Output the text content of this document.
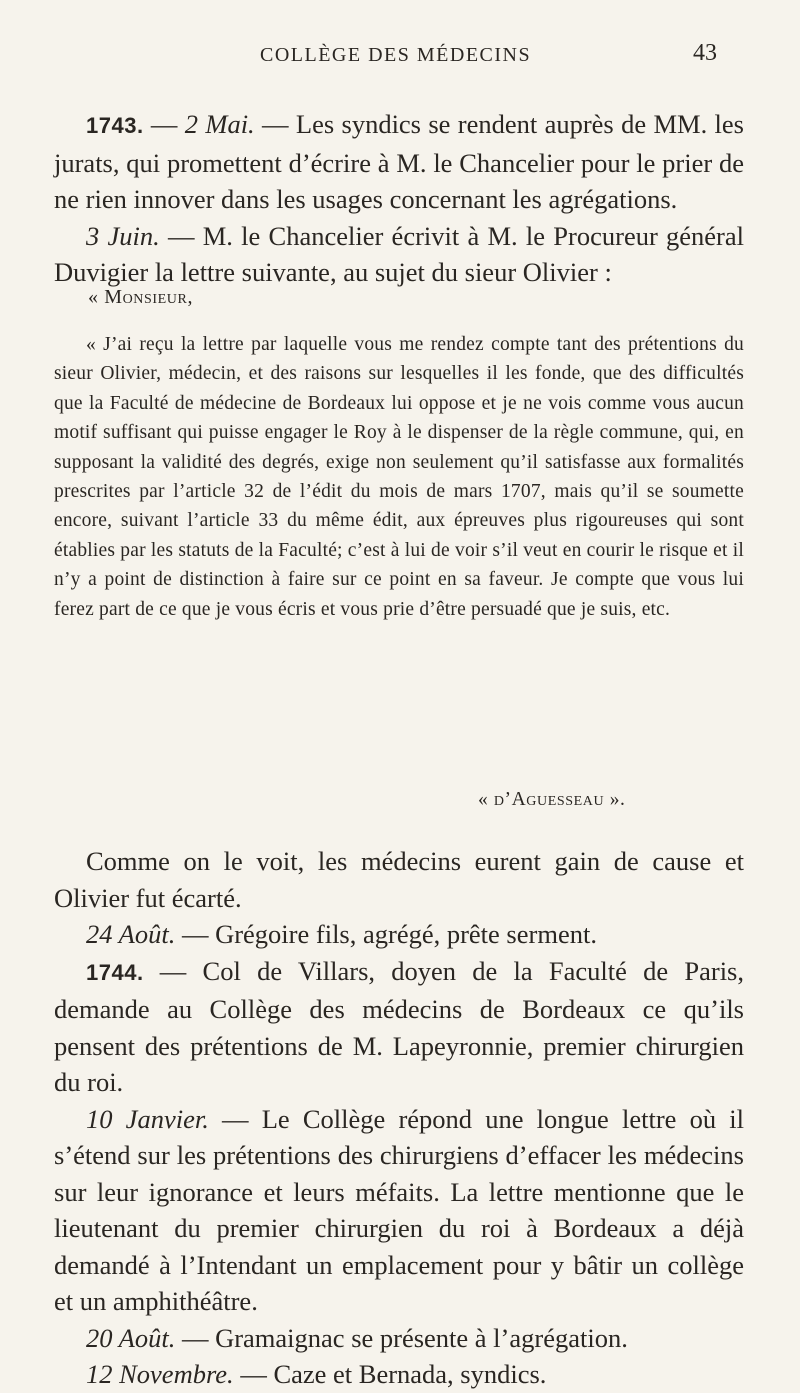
COLLÈGE DES MÉDECINS	43

1743. — 2 Mai. — Les syndics se rendent auprès de MM. les jurats, qui promettent d’écrire à M. le Chancelier pour le prier de ne rien innover dans les usages concernant les agrégations.

3 Juin. — M. le Chancelier écrivit à M. le Procureur général Duvigier la lettre suivante, au sujet du sieur Olivier :

« Monsieur,

« J’ai reçu la lettre par laquelle vous me rendez compte tant des prétentions du sieur Olivier, médecin, et des raisons sur lesquelles il les fonde, que des difficultés que la Faculté de médecine de Bordeaux lui oppose et je ne vois comme vous aucun motif suffisant qui puisse engager le Roy à le dispenser de la règle commune, qui, en supposant la validité des degrés, exige non seulement qu’il satisfasse aux formalités prescrites par l’article 32 de l’édit du mois de mars 1707, mais qu’il se soumette encore, suivant l’article 33 du même édit, aux épreuves plus rigoureuses qui sont établies par les statuts de la Faculté; c’est à lui de voir s’il veut en courir le risque et il n’y a point de distinction à faire sur ce point en sa faveur. Je compte que vous lui ferez part de ce que je vous écris et vous prie d’être persuadé que je suis, etc.

« d’Aguesseau ».

Comme on le voit, les médecins eurent gain de cause et Olivier fut écarté.

24 Août. — Grégoire fils, agrégé, prête serment.

1744. — Col de Villars, doyen de la Faculté de Paris, demande au Collège des médecins de Bordeaux ce qu’ils pensent des prétentions de M. Lapeyronnie, premier chirurgien du roi.

10 Janvier. — Le Collège répond une longue lettre où il s’étend sur les prétentions des chirurgiens d’effacer les médecins sur leur ignorance et leurs méfaits. La lettre mentionne que le lieutenant du premier chirurgien du roi à Bordeaux a déjà demandé à l’Intendant un emplacement pour y bâtir un collège et un amphithéâtre.

20 Août. — Gramaignac se présente à l’agrégation.

12 Novembre. — Caze et Bernada, syndics.
